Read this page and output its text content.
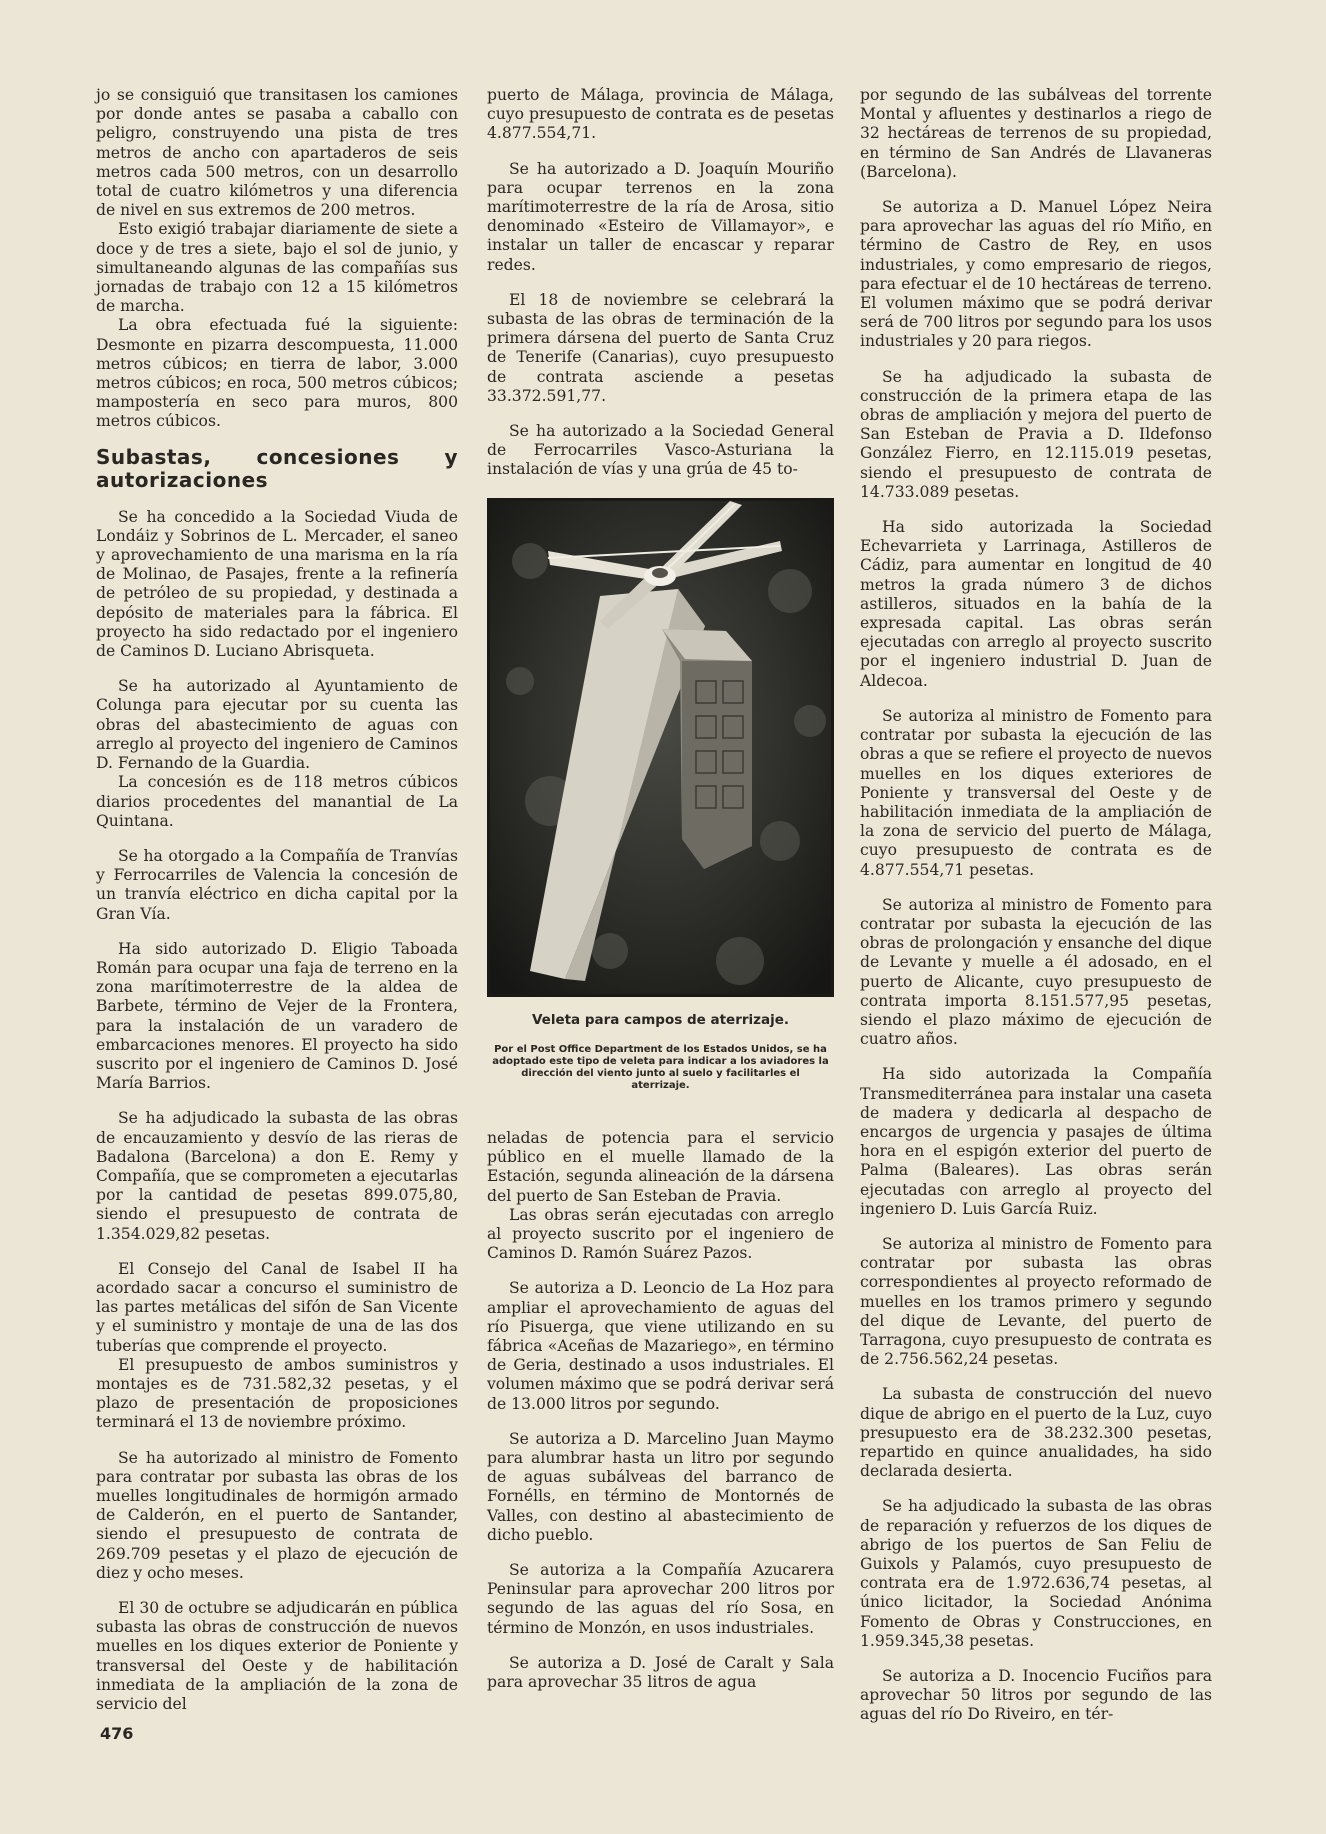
jo se consiguió que transitasen los camiones por donde antes se pasaba a caballo con peligro, construyendo una pista de tres metros de ancho con apartaderos de seis metros cada 500 metros, con un desarrollo total de cuatro kilómetros y una diferencia de nivel en sus extremos de 200 metros.

Esto exigió trabajar diariamente de siete a doce y de tres a siete, bajo el sol de junio, y simultaneando algunas de las compañías sus jornadas de trabajo con 12 a 15 kilómetros de marcha.

La obra efectuada fué la siguiente: Desmonte en pizarra descompuesta, 11.000 metros cúbicos; en tierra de labor, 3.000 metros cúbicos; en roca, 500 metros cúbicos; mampostería en seco para muros, 800 metros cúbicos.

Subastas, concesiones y autorizaciones

Se ha concedido a la Sociedad Viuda de Londáiz y Sobrinos de L. Mercader, el saneo y aprovechamiento de una marisma en la ría de Molinao, de Pasajes, frente a la refinería de petróleo de su propiedad, y destinada a depósito de materiales para la fábrica. El proyecto ha sido redactado por el ingeniero de Caminos D. Luciano Abrisqueta.

Se ha autorizado al Ayuntamiento de Colunga para ejecutar por su cuenta las obras del abastecimiento de aguas con arreglo al proyecto del ingeniero de Caminos D. Fernando de la Guardia.

La concesión es de 118 metros cúbicos diarios procedentes del manantial de La Quintana.

Se ha otorgado a la Compañía de Tranvías y Ferrocarriles de Valencia la concesión de un tranvía eléctrico en dicha capital por la Gran Vía.

Ha sido autorizado D. Eligio Taboada Román para ocupar una faja de terreno en la zona marítimoterrestre de la aldea de Barbete, término de Vejer de la Frontera, para la instalación de un varadero de embarcaciones menores. El proyecto ha sido suscrito por el ingeniero de Caminos D. José María Barrios.

Se ha adjudicado la subasta de las obras de encauzamiento y desvío de las rieras de Badalona (Barcelona) a don E. Remy y Compañía, que se comprometen a ejecutarlas por la cantidad de pesetas 899.075,80, siendo el presupuesto de contrata de 1.354.029,82 pesetas.

El Consejo del Canal de Isabel II ha acordado sacar a concurso el suministro de las partes metálicas del sifón de San Vicente y el suministro y montaje de una de las dos tuberías que comprende el proyecto.

El presupuesto de ambos suministros y montajes es de 731.582,32 pesetas, y el plazo de presentación de proposiciones terminará el 13 de noviembre próximo.

Se ha autorizado al ministro de Fomento para contratar por subasta las obras de los muelles longitudinales de hormigón armado de Calderón, en el puerto de Santander, siendo el presupuesto de contrata de 269.709 pesetas y el plazo de ejecución de diez y ocho meses.

El 30 de octubre se adjudicarán en pública subasta las obras de construcción de nuevos muelles en los diques exterior de Poniente y transversal del Oeste y de habilitación inmediata de la ampliación de la zona de servicio del

puerto de Málaga, provincia de Málaga, cuyo presupuesto de contrata es de pesetas 4.877.554,71.

Se ha autorizado a D. Joaquín Mouriño para ocupar terrenos en la zona marítimoterrestre de la ría de Arosa, sitio denominado «Esteiro de Villamayor», e instalar un taller de encascar y reparar redes.

El 18 de noviembre se celebrará la subasta de las obras de terminación de la primera dársena del puerto de Santa Cruz de Tenerife (Canarias), cuyo presupuesto de contrata asciende a pesetas 33.372.591,77.

Se ha autorizado a la Sociedad General de Ferrocarriles Vasco-Asturiana la instalación de vías y una grúa de 45 to-

Veleta para campos de aterrizaje.
Por el Post Office Department de los Estados Unidos, se ha adoptado este tipo de veleta para indicar a los aviadores la dirección del viento junto al suelo y facilitarles el aterrizaje.

neladas de potencia para el servicio público en el muelle llamado de la Estación, segunda alineación de la dársena del puerto de San Esteban de Pravia.

Las obras serán ejecutadas con arreglo al proyecto suscrito por el ingeniero de Caminos D. Ramón Suárez Pazos.

Se autoriza a D. Leoncio de La Hoz para ampliar el aprovechamiento de aguas del río Pisuerga, que viene utilizando en su fábrica «Aceñas de Mazariego», en término de Geria, destinado a usos industriales. El volumen máximo que se podrá derivar será de 13.000 litros por segundo.

Se autoriza a D. Marcelino Juan Maymo para alumbrar hasta un litro por segundo de aguas subálveas del barranco de Fornélls, en término de Montornés de Valles, con destino al abastecimiento de dicho pueblo.

Se autoriza a la Compañía Azucarera Peninsular para aprovechar 200 litros por segundo de las aguas del río Sosa, en término de Monzón, en usos industriales.

Se autoriza a D. José de Caralt y Sala para aprovechar 35 litros de agua

por segundo de las subálveas del torrente Montal y afluentes y destinarlos a riego de 32 hectáreas de terrenos de su propiedad, en término de San Andrés de Llavaneras (Barcelona).

Se autoriza a D. Manuel López Neira para aprovechar las aguas del río Miño, en término de Castro de Rey, en usos industriales, y como empresario de riegos, para efectuar el de 10 hectáreas de terreno. El volumen máximo que se podrá derivar será de 700 litros por segundo para los usos industriales y 20 para riegos.

Se ha adjudicado la subasta de construcción de la primera etapa de las obras de ampliación y mejora del puerto de San Esteban de Pravia a D. Ildefonso González Fierro, en 12.115.019 pesetas, siendo el presupuesto de contrata de 14.733.089 pesetas.

Ha sido autorizada la Sociedad Echevarrieta y Larrinaga, Astilleros de Cádiz, para aumentar en longitud de 40 metros la grada número 3 de dichos astilleros, situados en la bahía de la expresada capital. Las obras serán ejecutadas con arreglo al proyecto suscrito por el ingeniero industrial D. Juan de Aldecoa.

Se autoriza al ministro de Fomento para contratar por subasta la ejecución de las obras a que se refiere el proyecto de nuevos muelles en los diques exteriores de Poniente y transversal del Oeste y de habilitación inmediata de la ampliación de la zona de servicio del puerto de Málaga, cuyo presupuesto de contrata es de 4.877.554,71 pesetas.

Se autoriza al ministro de Fomento para contratar por subasta la ejecución de las obras de prolongación y ensanche del dique de Levante y muelle a él adosado, en el puerto de Alicante, cuyo presupuesto de contrata importa 8.151.577,95 pesetas, siendo el plazo máximo de ejecución de cuatro años.

Ha sido autorizada la Compañía Transmediterránea para instalar una caseta de madera y dedicarla al despacho de encargos de urgencia y pasajes de última hora en el espigón exterior del puerto de Palma (Baleares). Las obras serán ejecutadas con arreglo al proyecto del ingeniero D. Luis García Ruiz.

Se autoriza al ministro de Fomento para contratar por subasta las obras correspondientes al proyecto reformado de muelles en los tramos primero y segundo del dique de Levante, del puerto de Tarragona, cuyo presupuesto de contrata es de 2.756.562,24 pesetas.

La subasta de construcción del nuevo dique de abrigo en el puerto de la Luz, cuyo presupuesto era de 38.232.300 pesetas, repartido en quince anualidades, ha sido declarada desierta.

Se ha adjudicado la subasta de las obras de reparación y refuerzos de los diques de abrigo de los puertos de San Feliu de Guixols y Palamós, cuyo presupuesto de contrata era de 1.972.636,74 pesetas, al único licitador, la Sociedad Anónima Fomento de Obras y Construcciones, en 1.959.345,38 pesetas.

Se autoriza a D. Inocencio Fuciños para aprovechar 50 litros por segundo de las aguas del río Do Riveiro, en tér-

476
